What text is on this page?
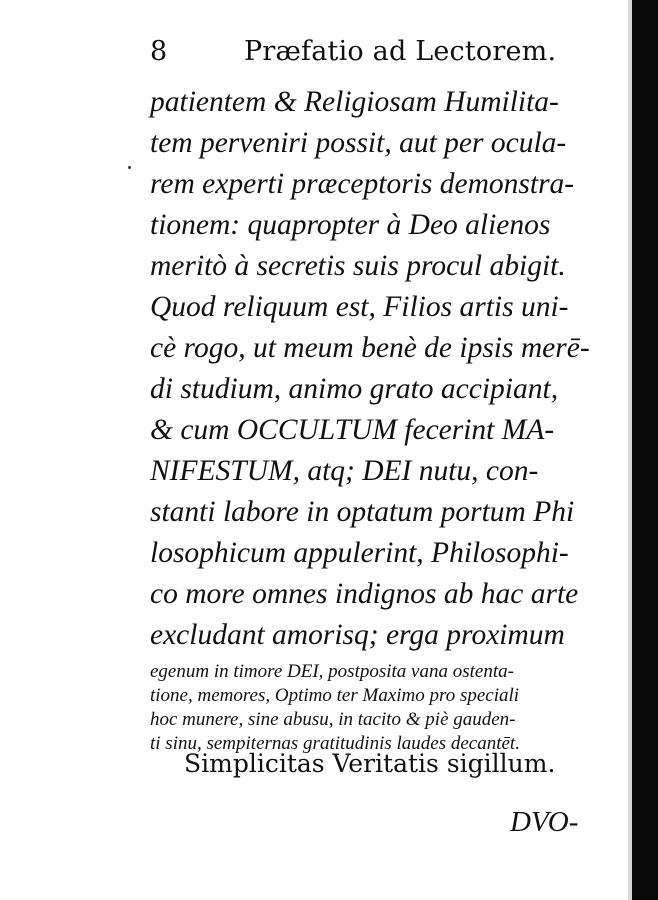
8	Præfatio ad Lectorem.
patientem & Religiosam Humilita-
tem perveniri possit, aut per ocula-
rem experti præceptoris demonstra-
tionem: quapropter à Deo alienos
meritò à secretis suis procul abigit.
Quod reliquum est, Filios artis uni-
cè rogo, ut meum benè de ipsis merē-
di studium, animo grato accipiant,
& cum OCCULTUM fecerint MA-
NIFESTUM, atq; DEI nutu, con-
stanti labore in optatum portum Phi
losophicum appulerint, Philosophi-
co more omnes indignos ab hac arte
excludant amorisq; erga proximum
egenum in timore DEI, postposita vana ostenta-
tione, memores, Optimo ter Maximo pro speciali
hoc munere, sine abusu, in tacito & piè gauden-
ti sinu, sempiternas gratitudinis laudes decantēt.
Simplicitas Veritatis sigillum.
DVO-
